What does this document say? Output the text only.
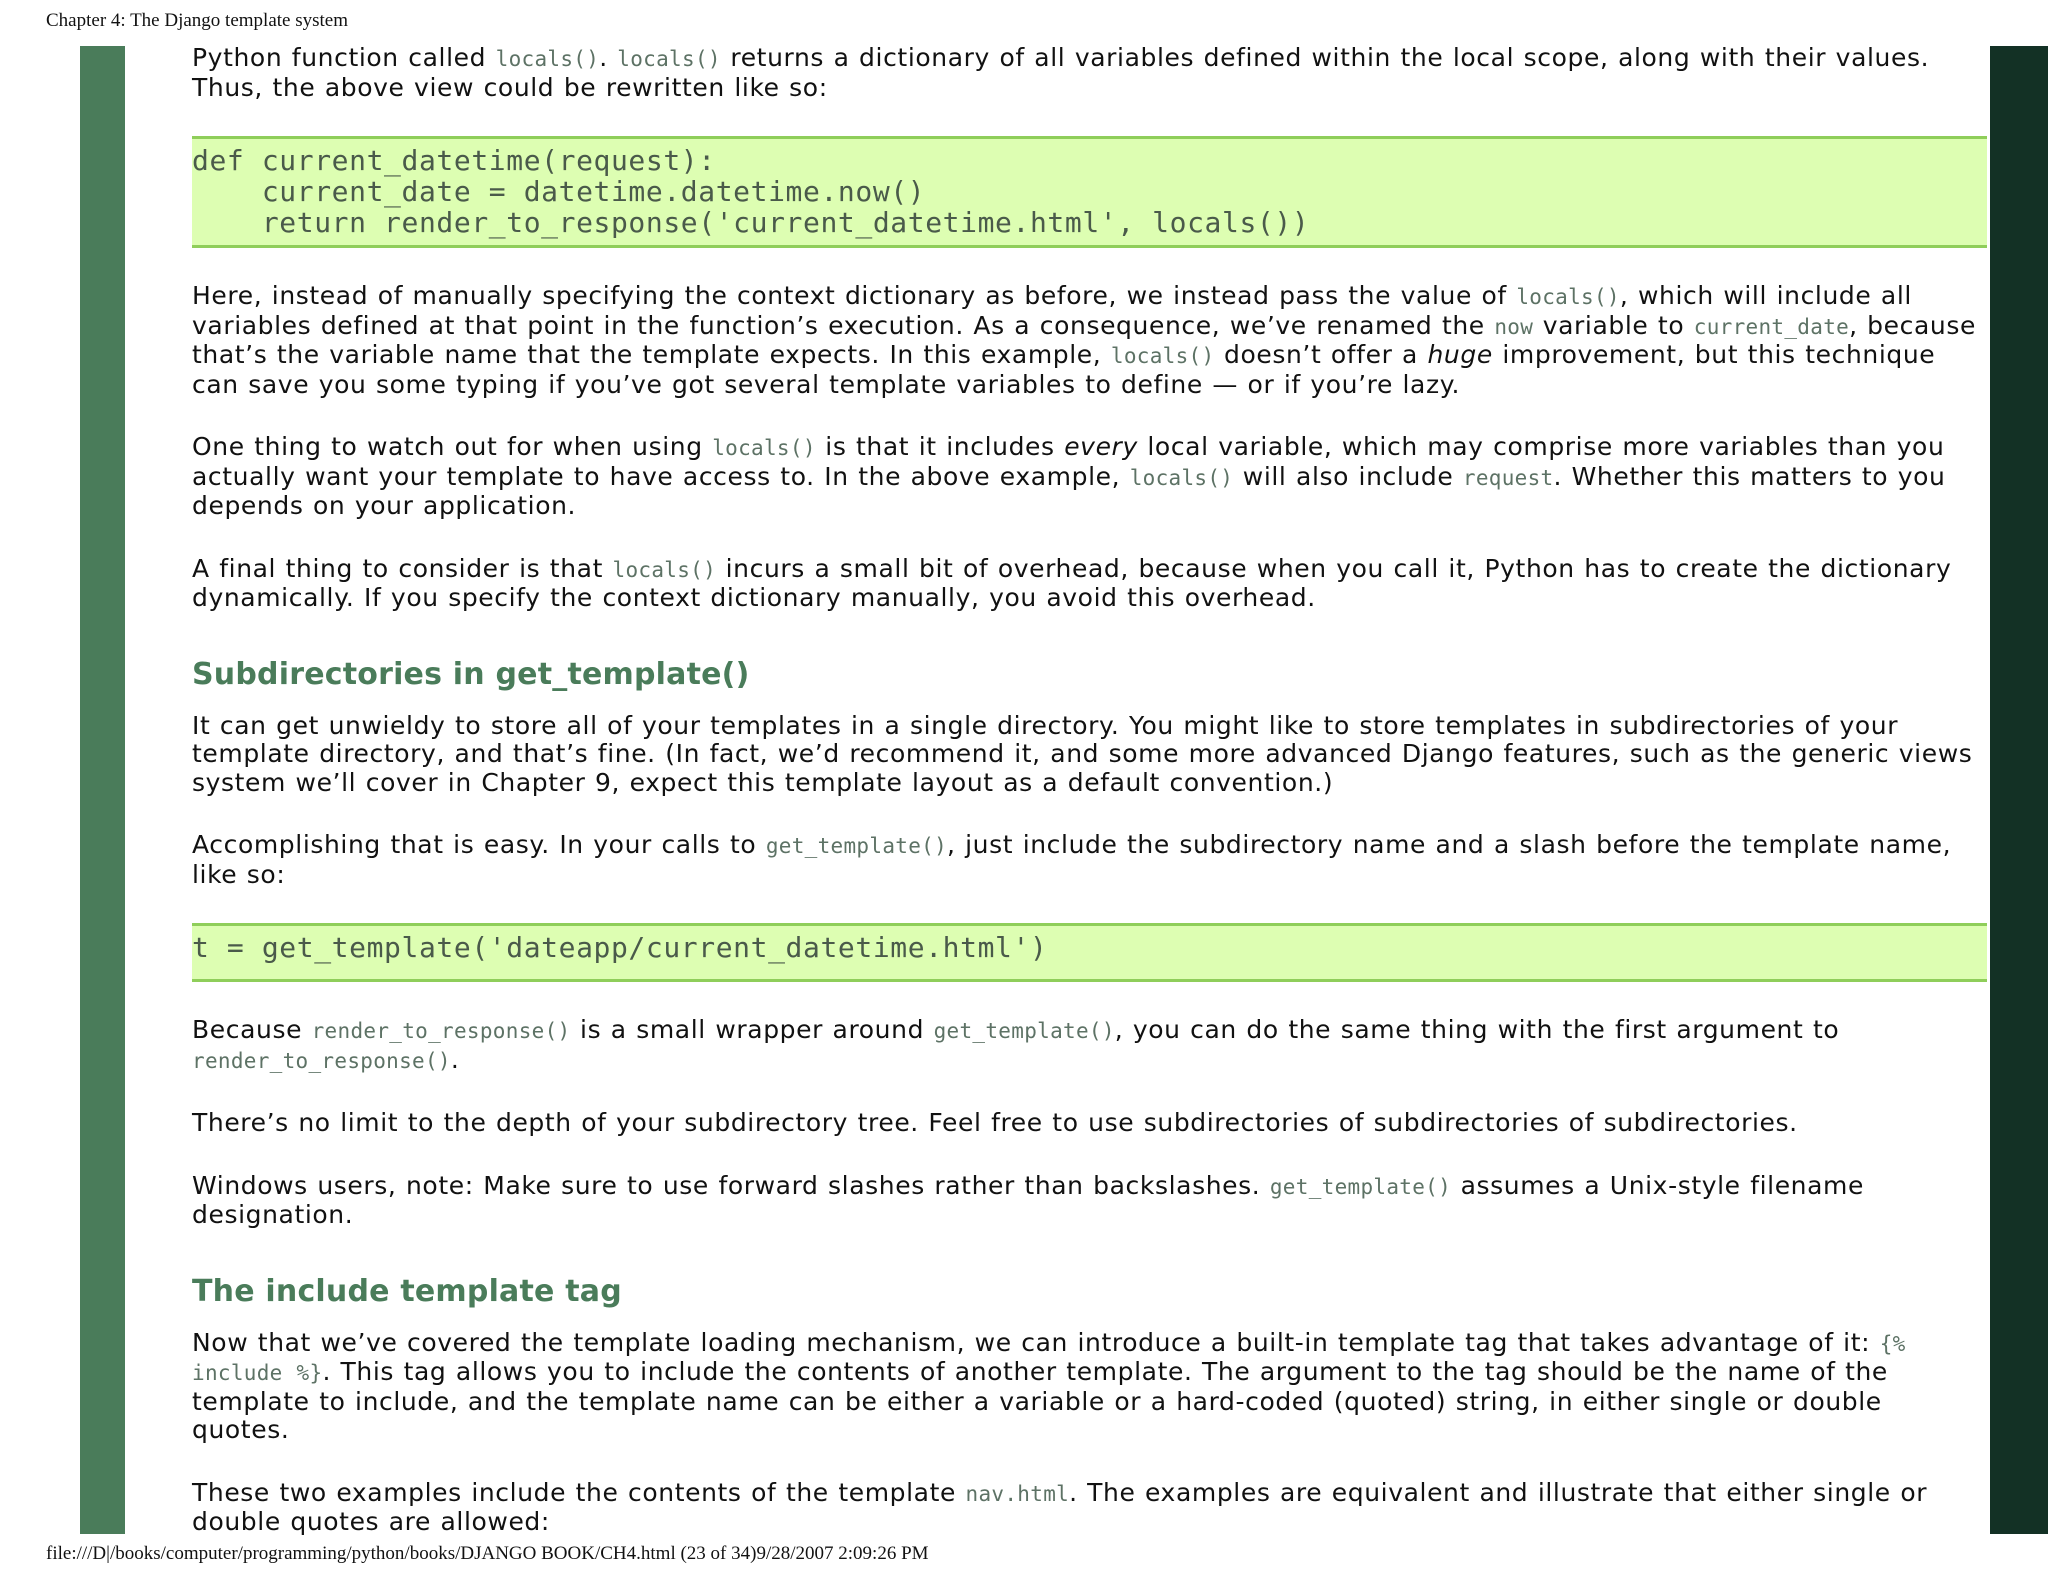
Chapter 4: The Django template system

Python function called locals(). locals() returns a dictionary of all variables defined within the local scope, along with their values. Thus, the above view could be rewritten like so:

def current_datetime(request):
current_date = datetime.datetime.now()
return render_to_response('current_datetime.html', locals())

Here, instead of manually specifying the context dictionary as before, we instead pass the value of locals(), which will include all variables defined at that point in the function’s execution. As a consequence, we’ve renamed the now variable to current_date, because that’s the variable name that the template expects. In this example, locals() doesn’t offer a huge improvement, but this technique can save you some typing if you’ve got several template variables to define — or if you’re lazy.

One thing to watch out for when using locals() is that it includes every local variable, which may comprise more variables than you actually want your template to have access to. In the above example, locals() will also include request. Whether this matters to you depends on your application.

A final thing to consider is that locals() incurs a small bit of overhead, because when you call it, Python has to create the dictionary dynamically. If you specify the context dictionary manually, you avoid this overhead.

Subdirectories in get_template()

It can get unwieldy to store all of your templates in a single directory. You might like to store templates in subdirectories of your template directory, and that’s fine. (In fact, we’d recommend it, and some more advanced Django features, such as the generic views system we’ll cover in Chapter 9, expect this template layout as a default convention.)

Accomplishing that is easy. In your calls to get_template(), just include the subdirectory name and a slash before the template name, like so:

t = get_template('dateapp/current_datetime.html')

Because render_to_response() is a small wrapper around get_template(), you can do the same thing with the first argument to render_to_response().

There’s no limit to the depth of your subdirectory tree. Feel free to use subdirectories of subdirectories of subdirectories.

Windows users, note: Make sure to use forward slashes rather than backslashes. get_template() assumes a Unix-style filename designation.

The include template tag

Now that we’ve covered the template loading mechanism, we can introduce a built-in template tag that takes advantage of it: {% include %}. This tag allows you to include the contents of another template. The argument to the tag should be the name of the template to include, and the template name can be either a variable or a hard-coded (quoted) string, in either single or double quotes.

These two examples include the contents of the template nav.html. The examples are equivalent and illustrate that either single or double quotes are allowed:

file:///D|/books/computer/programming/python/books/DJANGO BOOK/CH4.html (23 of 34)9/28/2007 2:09:26 PM
